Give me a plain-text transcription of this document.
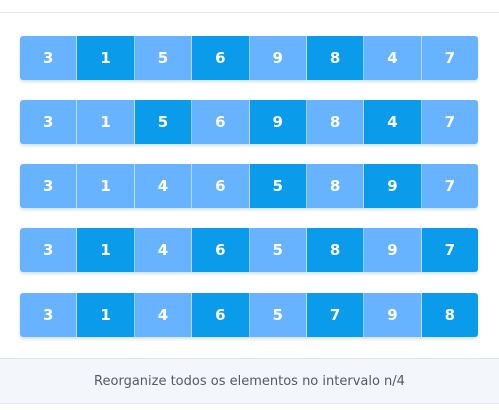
3	1	5	6	9	8	4	7
3	1	5	6	9	8	4	7
3	1	4	6	5	8	9	7
3	1	4	6	5	8	9	7
3	1	4	6	5	7	9	8
Reorganize todos os elementos no intervalo n/4
